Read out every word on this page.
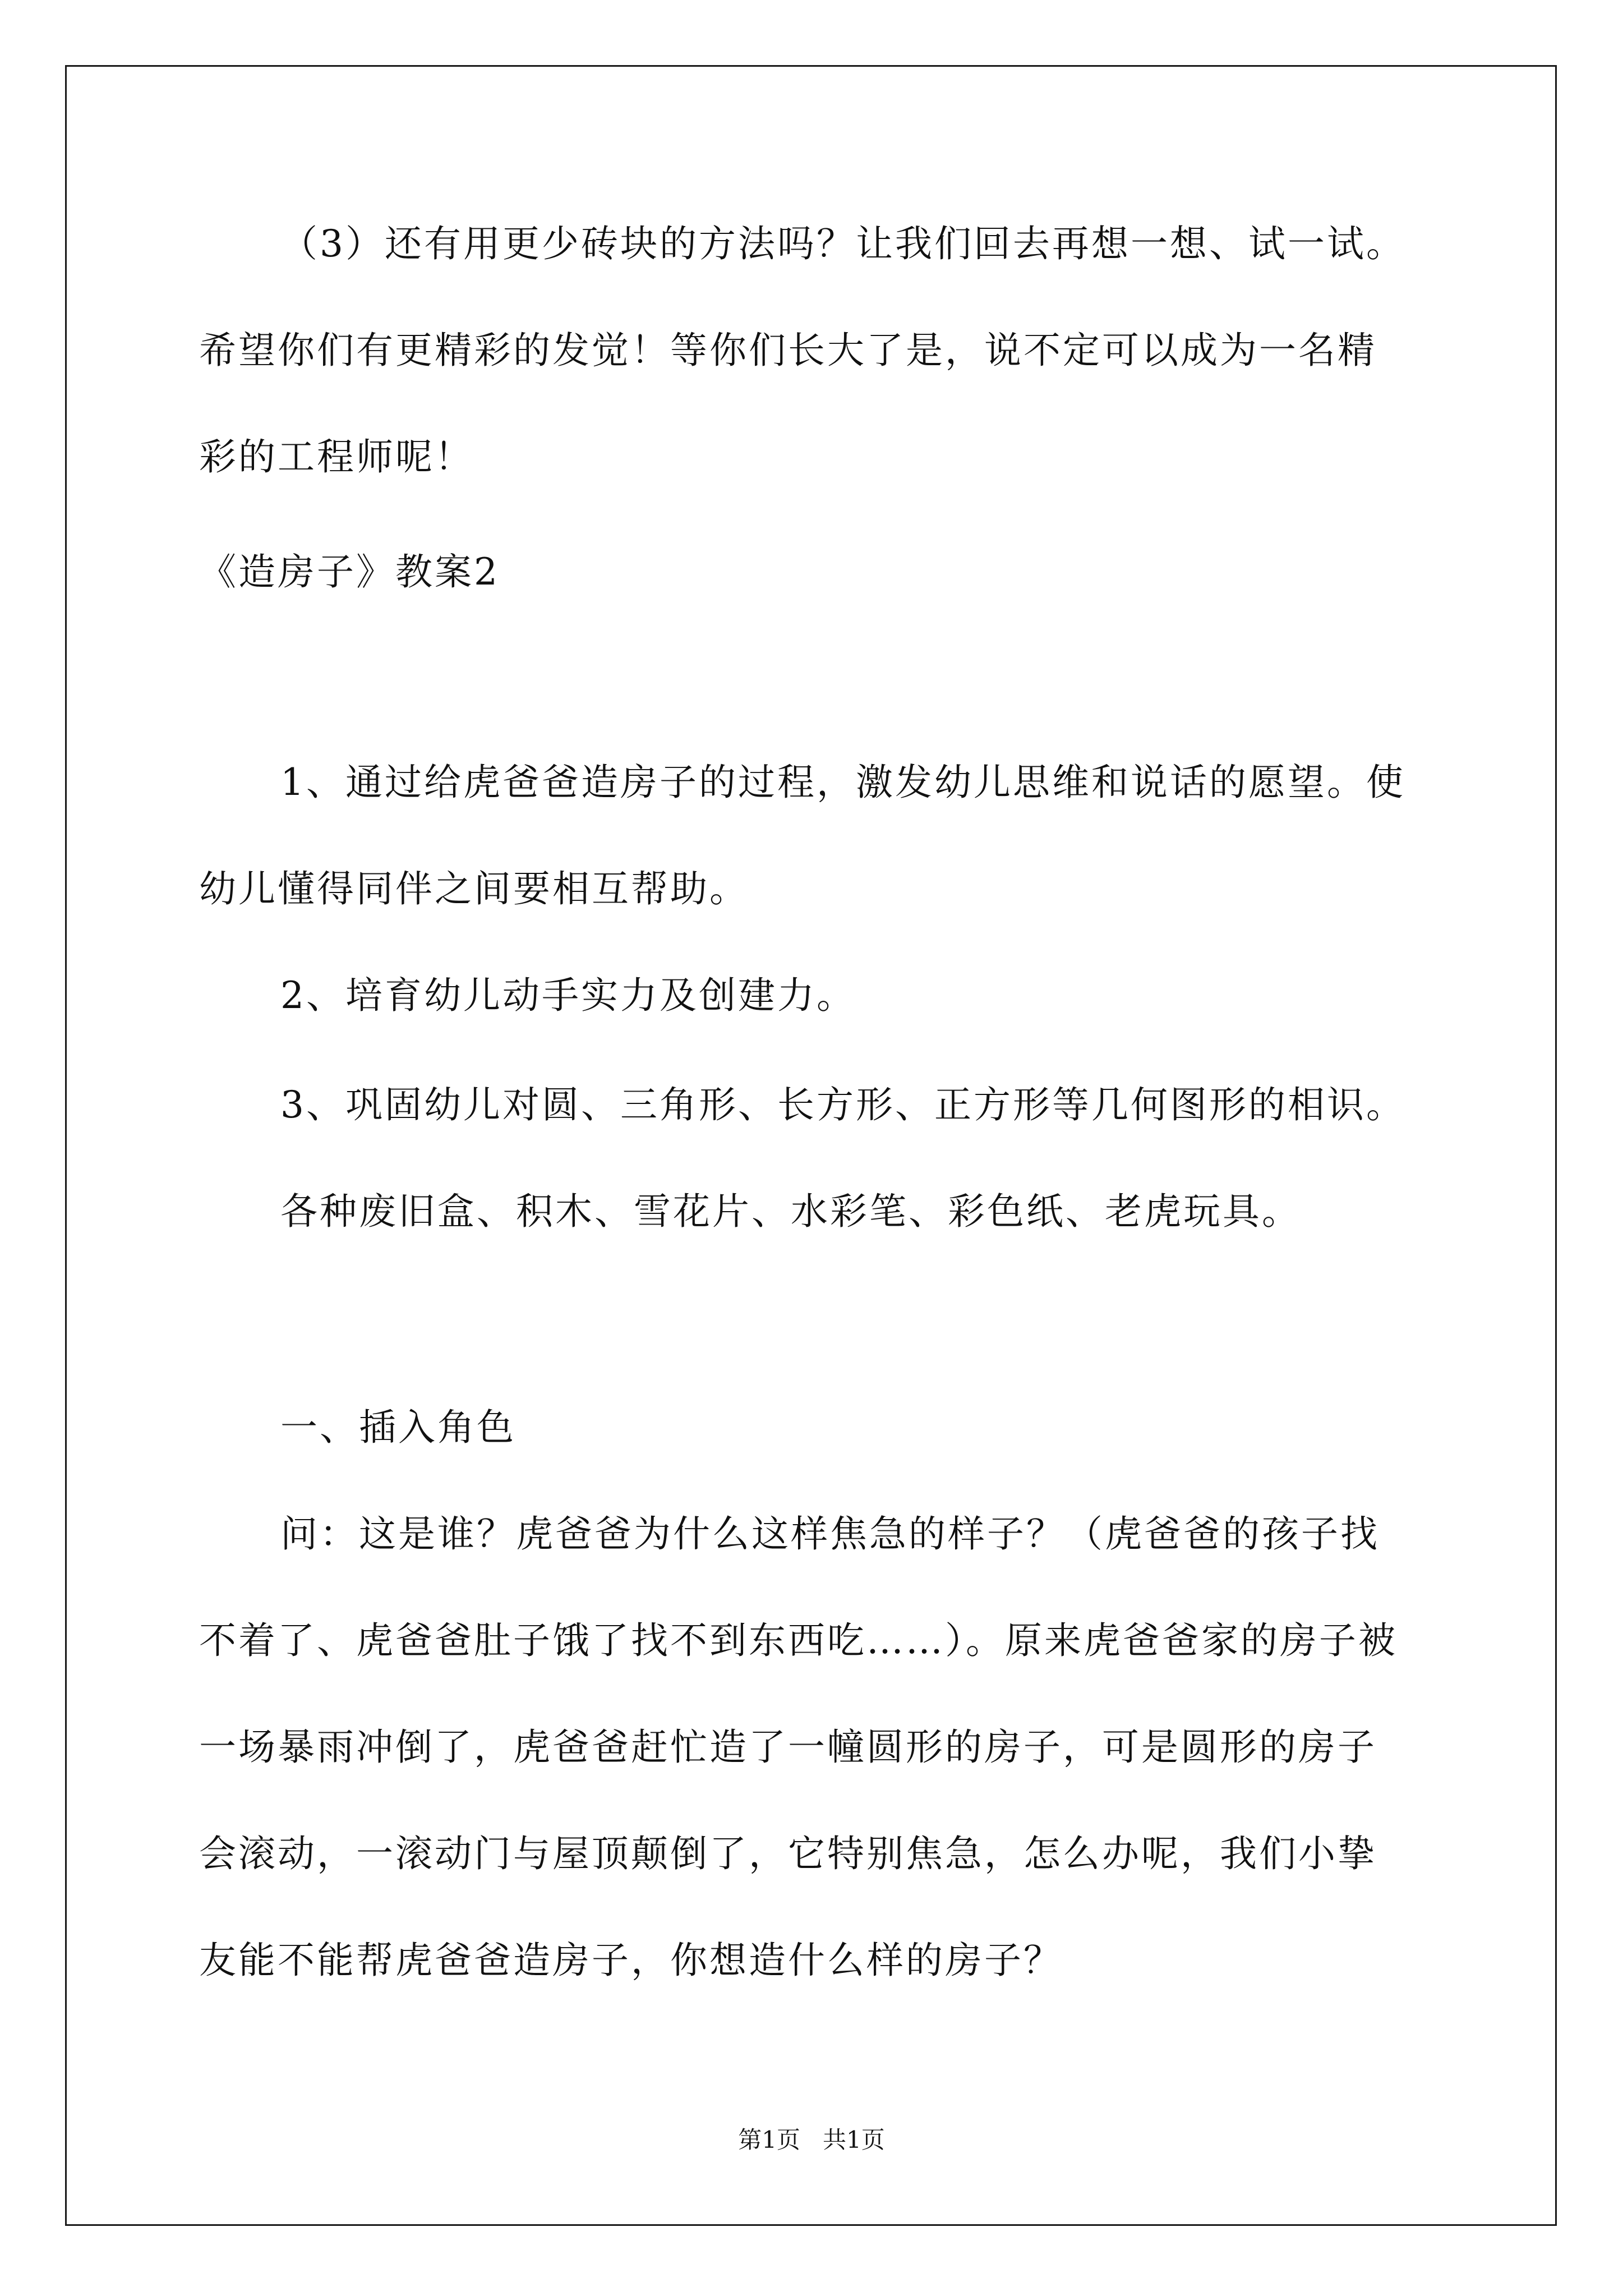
（3）还有用更少砖块的方法吗？让我们回去再想一想、试一试。
希望你们有更精彩的发觉！等你们长大了是，说不定可以成为一名精
彩的工程师呢！
《造房子》教案2
1、通过给虎爸爸造房子的过程，激发幼儿思维和说话的愿望。使
幼儿懂得同伴之间要相互帮助。
2、培育幼儿动手实力及创建力。
3、巩固幼儿对圆、三角形、长方形、正方形等几何图形的相识。
各种废旧盒、积木、雪花片、水彩笔、彩色纸、老虎玩具。
一、插入角色
问：这是谁？虎爸爸为什么这样焦急的样子？（虎爸爸的孩子找
不着了、虎爸爸肚子饿了找不到东西吃……）。原来虎爸爸家的房子被
一场暴雨冲倒了，虎爸爸赶忙造了一幢圆形的房子，可是圆形的房子
会滚动，一滚动门与屋顶颠倒了，它特别焦急，怎么办呢，我们小挚
友能不能帮虎爸爸造房子，你想造什么样的房子？
第1页   共1页
